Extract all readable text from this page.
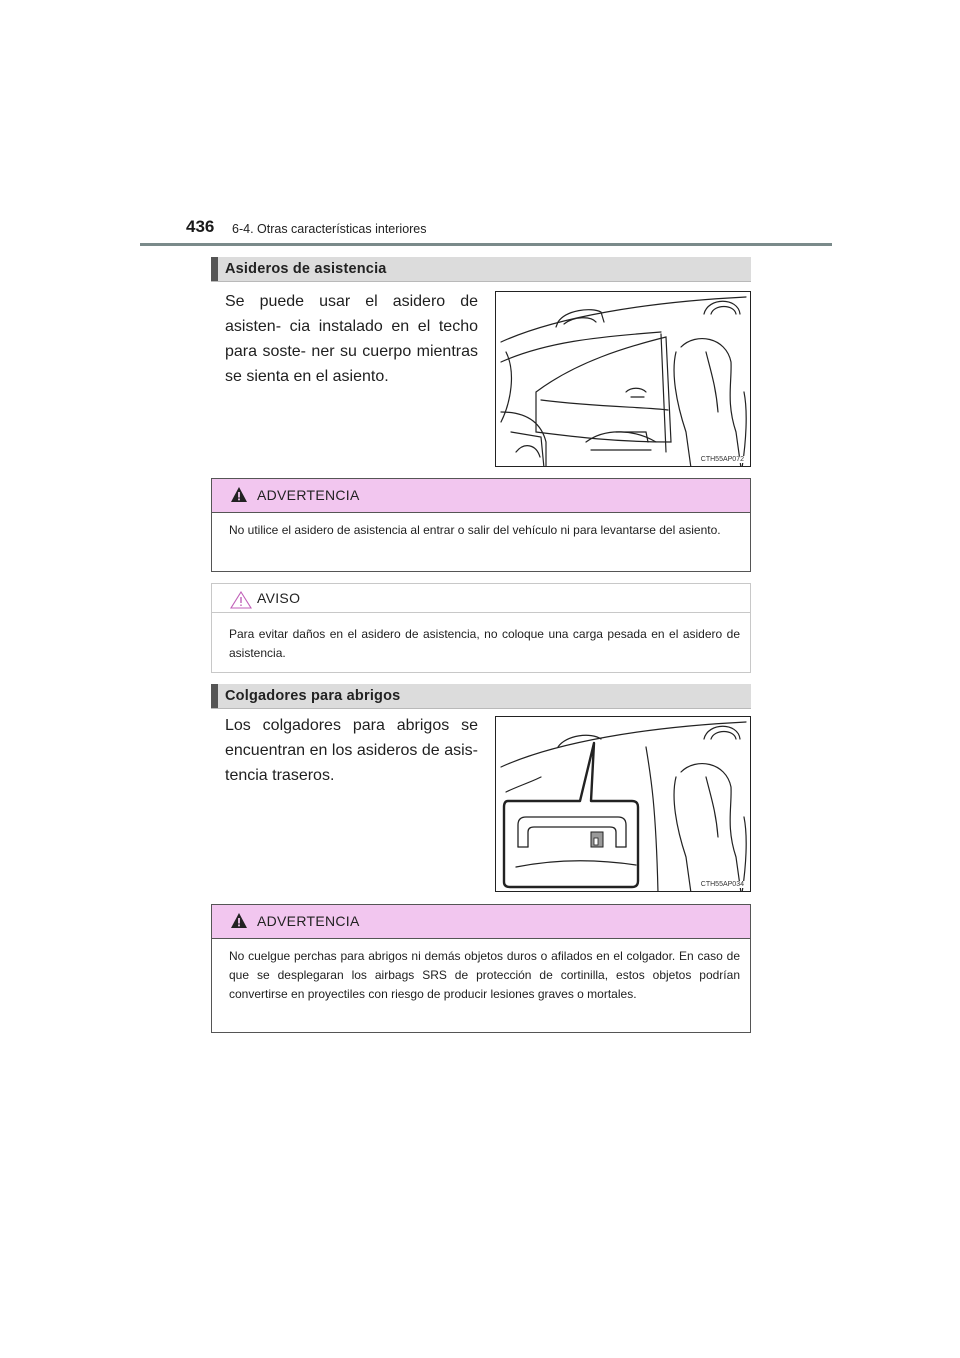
436 6-4. Otras características interiores
Asideros de asistencia
Se puede usar el asidero de asisten- cia instalado en el techo para soste- ner su cuerpo mientras se sienta en el asiento.
CTH55AP072
ADVERTENCIA
No utilice el asidero de asistencia al entrar o salir del vehículo ni para levantarse del asiento.
AVISO
Para evitar daños en el asidero de asistencia, no coloque una carga pesada en el asidero de asistencia.
Colgadores para abrigos
Los colgadores para abrigos se encuentran en los asideros de asis- tencia traseros.
CTH55AP034
ADVERTENCIA
No cuelgue perchas para abrigos ni demás objetos duros o afilados en el colgador. En caso de que se desplegaran los airbags SRS de protección de cortinilla, estos objetos podrían convertirse en proyectiles con riesgo de producir lesiones graves o mortales.
